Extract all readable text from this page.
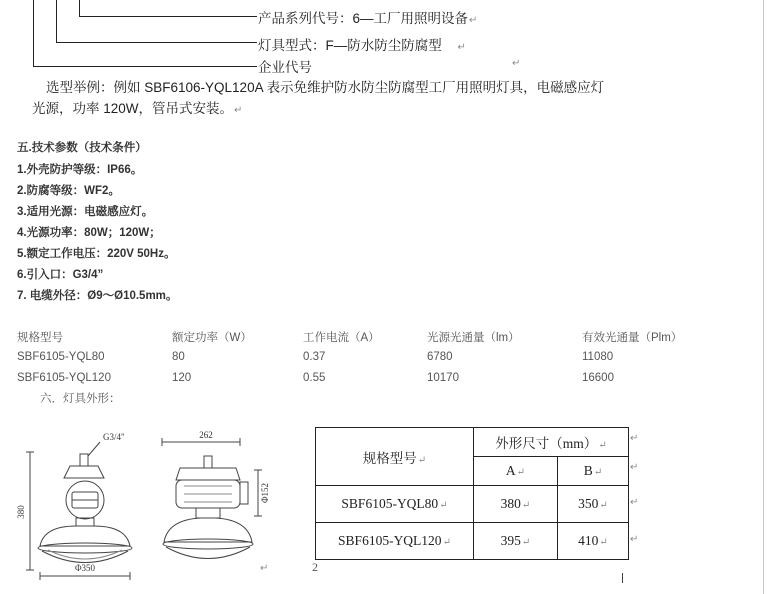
产品系列代号：6—工厂用照明设备↵
灯具型式：F—防水防尘防腐型 ↵
企业代号	↵
选型举例：例如 SBF6106-YQL120A 表示免维护防水防尘防腐型工厂用照明灯具，电磁感应灯
光源，功率 120W，管吊式安装。↵
五.技术参数（技术条件）
1.外壳防护等级：IP66。
2.防腐等级：WF2。
3.适用光源：电磁感应灯。
4.光源功率：80W；120W；
5.额定工作电压：220V 50Hz。
6.引入口：G3/4”
7. 电缆外径：Ø9～Ø10.5mm。
规格型号	额定功率（W）	工作电流（A）	光源光通量（lm）	有效光通量（Plm）
SBF6105-YQL80	80	0.37	6780	11080
SBF6105-YQL120	120	0.55	10170	16600
六．灯具外形：
G3/4"
380
Φ350
262
Φ152
↵	2
规格型号↵	外形尺寸（mm）↵	
	A↵	B↵
SBF6105-YQL80↵	380↵	350↵
SBF6105-YQL120↵	395↵	410↵
↵
↵
↵
↵
